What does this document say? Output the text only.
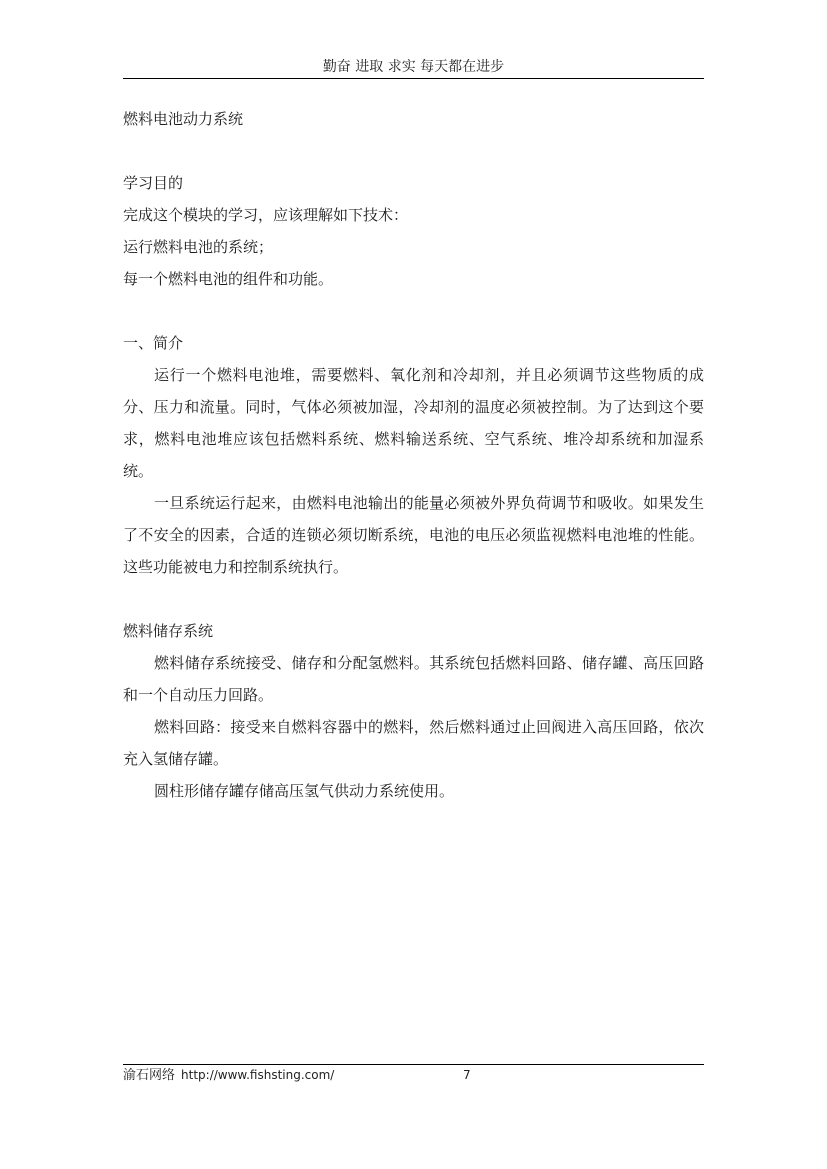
勤奋 进取 求实 每天都在进步

燃料电池动力系统

学习目的

完成这个模块的学习，应该理解如下技术：

运行燃料电池的系统；

每一个燃料电池的组件和功能。

一、简介

运行一个燃料电池堆，需要燃料、氧化剂和冷却剂，并且必须调节这些物质的成分、压力和流量。同时，气体必须被加湿，冷却剂的温度必须被控制。为了达到这个要求，燃料电池堆应该包括燃料系统、燃料输送系统、空气系统、堆冷却系统和加湿系统。

一旦系统运行起来，由燃料电池输出的能量必须被外界负荷调节和吸收。如果发生了不安全的因素，合适的连锁必须切断系统，电池的电压必须监视燃料电池堆的性能。这些功能被电力和控制系统执行。

燃料储存系统

燃料储存系统接受、储存和分配氢燃料。其系统包括燃料回路、储存罐、高压回路和一个自动压力回路。

燃料回路：接受来自燃料容器中的燃料，然后燃料通过止回阀进入高压回路，依次充入氢储存罐。

圆柱形储存罐存储高压氢气供动力系统使用。

渝石网络 http://www.fishsting.com/	7
